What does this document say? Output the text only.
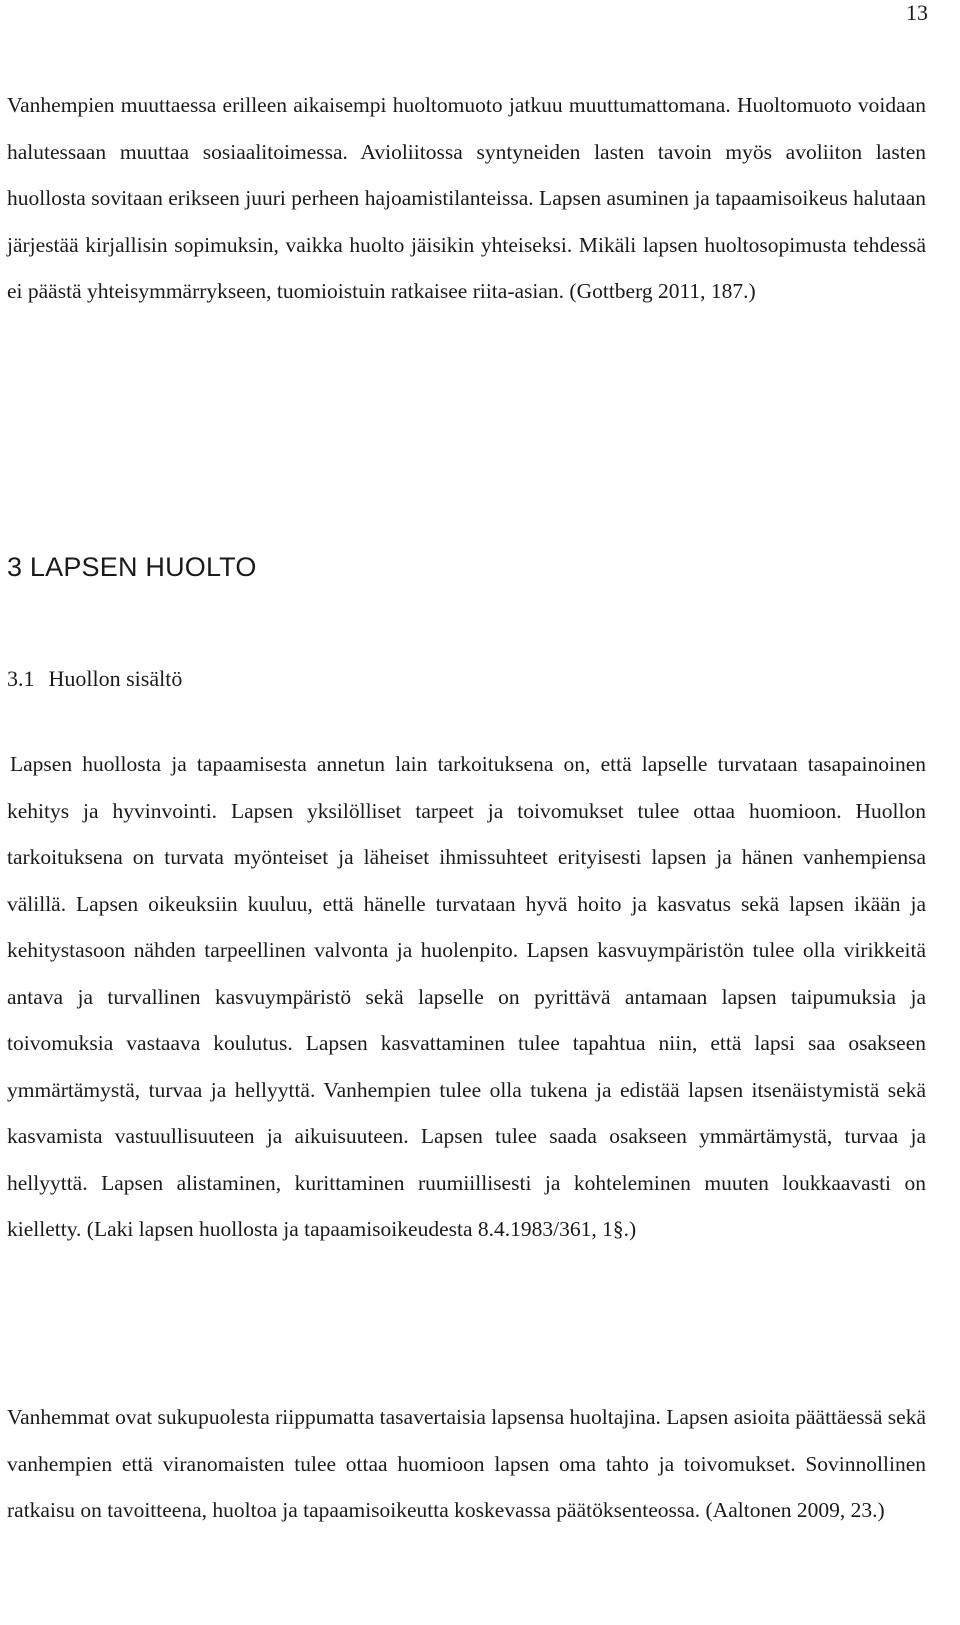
13

Vanhempien muuttaessa erilleen aikaisempi huoltomuoto jatkuu muuttumattomana. Huoltomuoto voidaan halutessaan muuttaa sosiaalitoimessa. Avioliitossa syntyneiden lasten tavoin myös avoliiton lasten huollosta sovitaan erikseen juuri perheen hajoamistilanteissa. Lapsen asuminen ja tapaamisoikeus halutaan järjestää kirjallisin sopimuksin, vaikka huolto jäisikin yhteiseksi. Mikäli lapsen huoltosopimusta tehdessä ei päästä yhteisymmärrykseen, tuomioistuin ratkaisee riita-asian. (Gottberg 2011, 187.)

3 LAPSEN HUOLTO
3.1 Huollon sisältö

Lapsen huollosta ja tapaamisesta annetun lain tarkoituksena on, että lapselle turvataan tasapainoinen kehitys ja hyvinvointi. Lapsen yksilölliset tarpeet ja toivomukset tulee ottaa huomioon. Huollon tarkoituksena on turvata myönteiset ja läheiset ihmissuhteet erityisesti lapsen ja hänen vanhempiensa välillä. Lapsen oikeuksiin kuuluu, että hänelle turvataan hyvä hoito ja kasvatus sekä lapsen ikään ja kehitystasoon nähden tarpeellinen valvonta ja huolenpito. Lapsen kasvuympäristön tulee olla virikkeitä antava ja turvallinen kasvuympäristö sekä lapselle on pyrittävä antamaan lapsen taipumuksia ja toivomuksia vastaava koulutus. Lapsen kasvattaminen tulee tapahtua niin, että lapsi saa osakseen ymmärtämystä, turvaa ja hellyyttä. Vanhempien tulee olla tukena ja edistää lapsen itsenäistymistä sekä kasvamista vastuullisuuteen ja aikuisuuteen. Lapsen tulee saada osakseen ymmärtämystä, turvaa ja hellyyttä. Lapsen alistaminen, kurittaminen ruumiillisesti ja kohteleminen muuten loukkaavasti on kielletty. (Laki lapsen huollosta ja tapaamisoikeudesta 8.4.1983/361, 1§.)

Vanhemmat ovat sukupuolesta riippumatta tasavertaisia lapsensa huoltajina. Lapsen asioita päättäessä sekä vanhempien että viranomaisten tulee ottaa huomioon lapsen oma tahto ja toivomukset. Sovinnollinen ratkaisu on tavoitteena, huoltoa ja tapaamisoikeutta koskevassa päätöksenteossa. (Aaltonen 2009, 23.)
